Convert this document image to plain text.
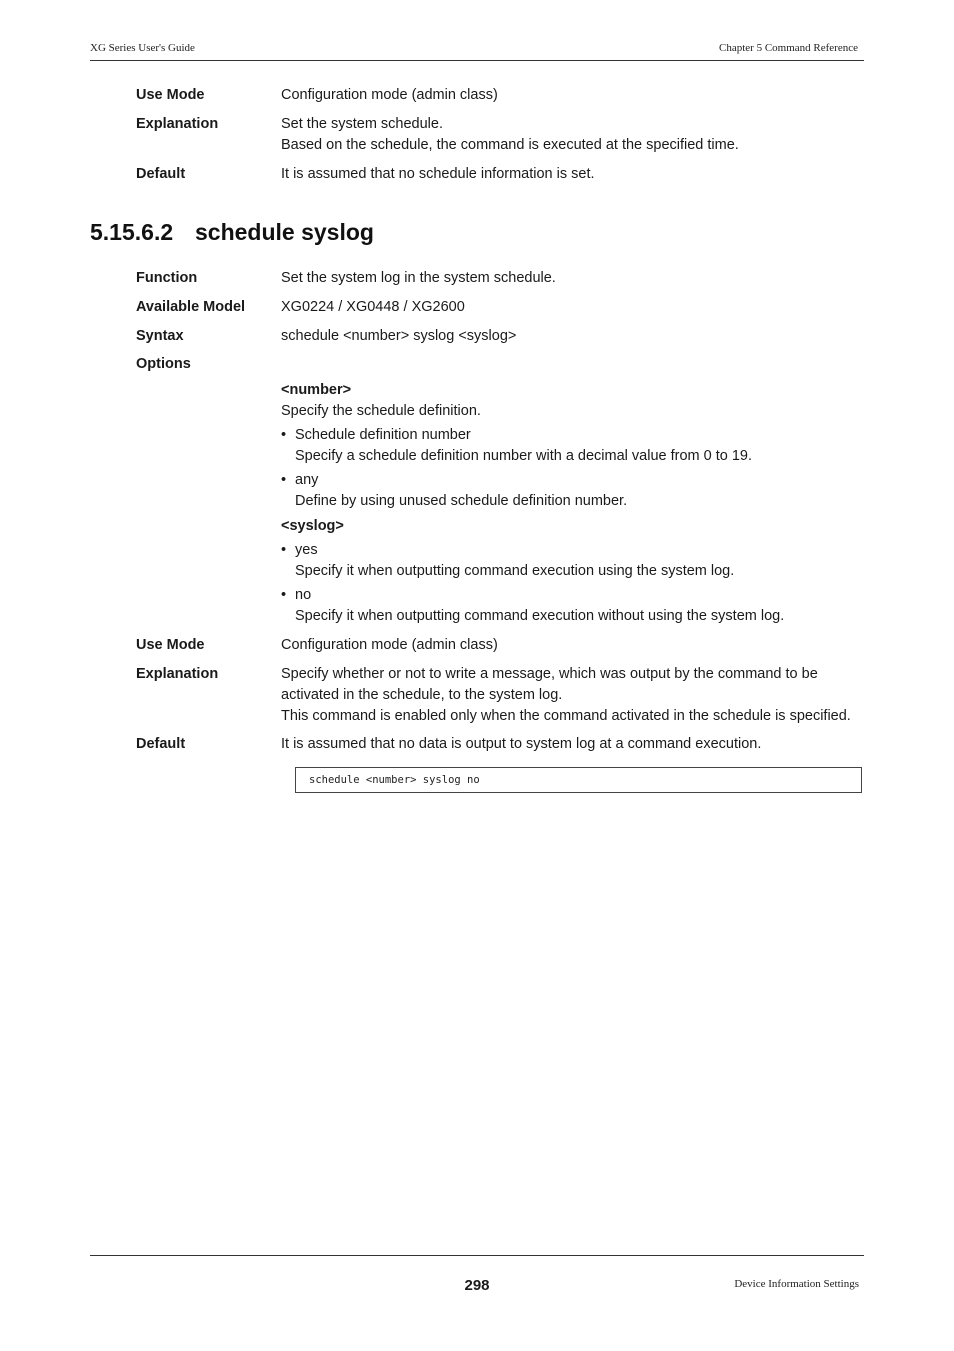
XG Series User's Guide	Chapter 5 Command Reference
Use Mode	Configuration mode (admin class)
Explanation	Set the system schedule.
Based on the schedule, the command is executed at the specified time.
Default	It is assumed that no schedule information is set.
5.15.6.2 schedule syslog
Function	Set the system log in the system schedule.
Available Model	XG0224 / XG0448 / XG2600
Syntax	schedule <number> syslog <syslog>
Options
<number>
Specify the schedule definition.
• Schedule definition number
Specify a schedule definition number with a decimal value from 0 to 19.
• any
Define by using unused schedule definition number.
<syslog>
• yes
Specify it when outputting command execution using the system log.
• no
Specify it when outputting command execution without using the system log.
Use Mode	Configuration mode (admin class)
Explanation	Specify whether or not to write a message, which was output by the command to be
activated in the schedule, to the system log.
This command is enabled only when the command activated in the schedule is specified.
Default	It is assumed that no data is output to system log at a command execution.
schedule <number> syslog no
298	Device Information Settings
